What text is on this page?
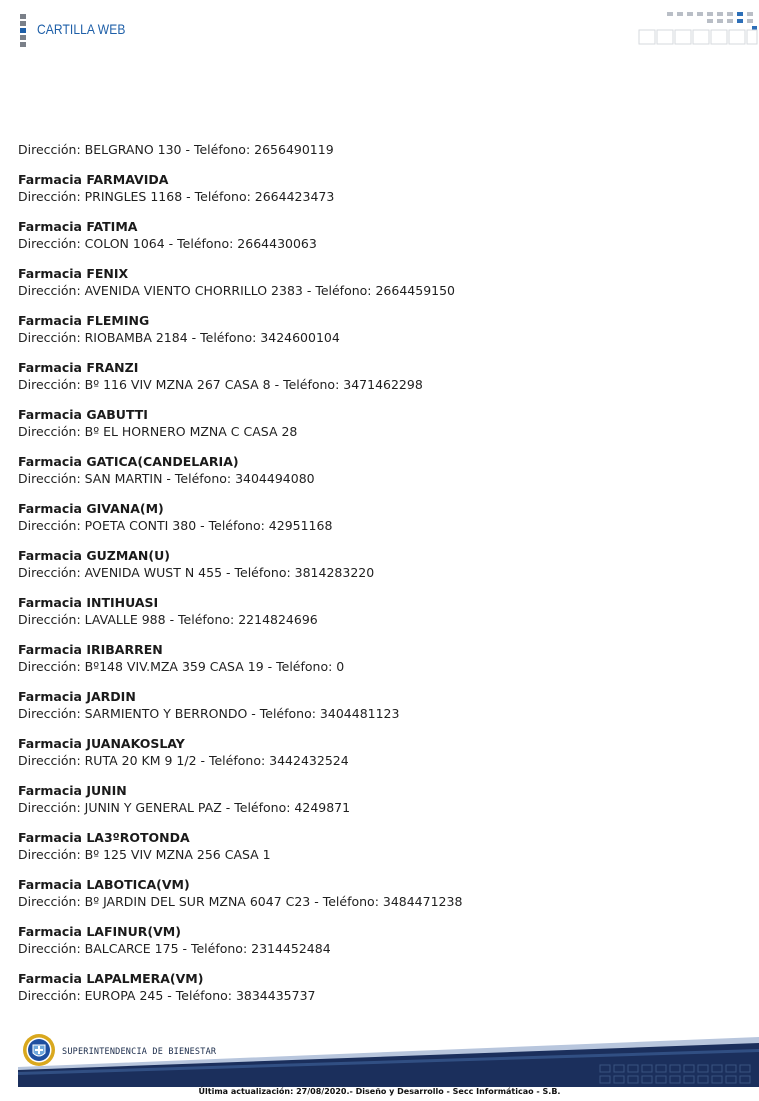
CARTILLA WEB
Dirección: BELGRANO 130 - Teléfono: 2656490119
Farmacia FARMAVIDA
Dirección: PRINGLES 1168 - Teléfono: 2664423473
Farmacia FATIMA
Dirección: COLON 1064 - Teléfono: 2664430063
Farmacia FENIX
Dirección: AVENIDA VIENTO CHORRILLO 2383 - Teléfono: 2664459150
Farmacia FLEMING
Dirección: RIOBAMBA 2184 - Teléfono: 3424600104
Farmacia FRANZI
Dirección: Bº 116 VIV MZNA 267 CASA 8 - Teléfono: 3471462298
Farmacia GABUTTI
Dirección: Bº EL HORNERO MZNA C CASA 28
Farmacia GATICA(CANDELARIA)
Dirección: SAN MARTIN - Teléfono: 3404494080
Farmacia GIVANA(M)
Dirección: POETA CONTI 380 - Teléfono: 42951168
Farmacia GUZMAN(U)
Dirección: AVENIDA WUST N 455 - Teléfono: 3814283220
Farmacia INTIHUASI
Dirección: LAVALLE 988 - Teléfono: 2214824696
Farmacia IRIBARREN
Dirección: Bº148 VIV.MZA 359 CASA 19 - Teléfono: 0
Farmacia JARDIN
Dirección: SARMIENTO Y BERRONDO - Teléfono: 3404481123
Farmacia JUANAKOSLAY
Dirección: RUTA 20 KM 9 1/2 - Teléfono: 3442432524
Farmacia JUNIN
Dirección: JUNIN Y GENERAL PAZ - Teléfono: 4249871
Farmacia LA3ºROTONDA
Dirección: Bº 125 VIV MZNA 256 CASA 1
Farmacia LABOTICA(VM)
Dirección: Bº JARDIN DEL SUR MZNA 6047 C23 - Teléfono: 3484471238
Farmacia LAFINUR(VM)
Dirección: BALCARCE 175 - Teléfono: 2314452484
Farmacia LAPALMERA(VM)
Dirección: EUROPA 245 - Teléfono: 3834435737
SUPERINTENDENCIA DE BIENESTAR
Última actualización: 27/08/2020.- Diseño y Desarrollo - Secc Informáticao - S.B.
